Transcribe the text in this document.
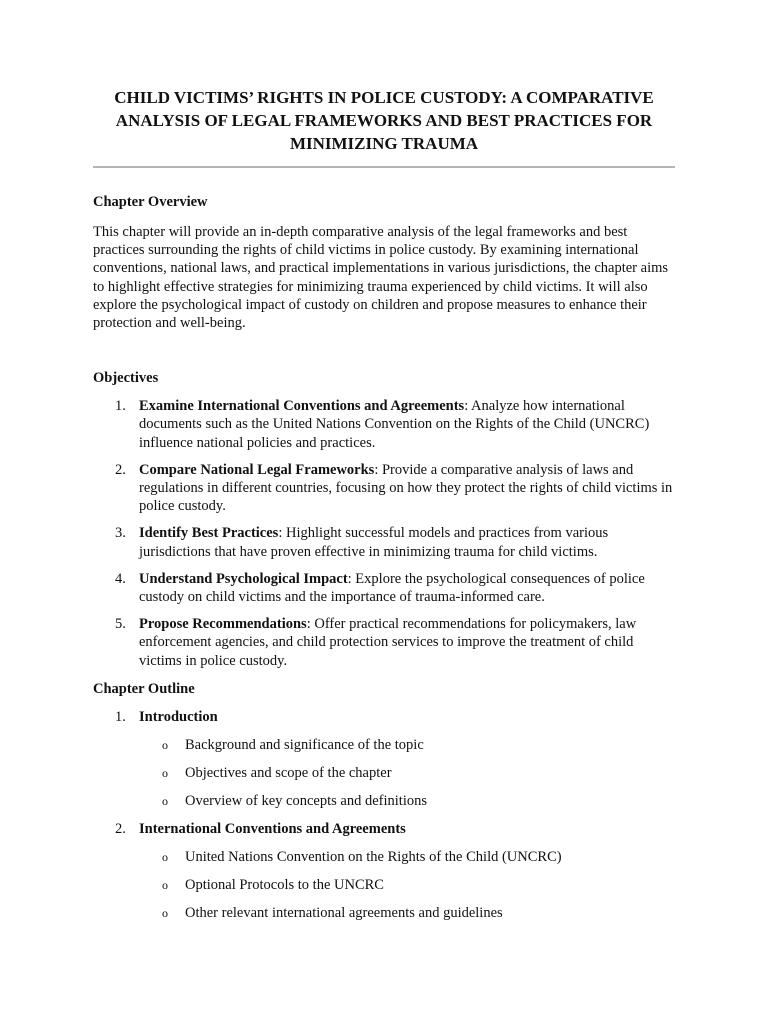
CHILD VICTIMS’ RIGHTS IN POLICE CUSTODY: A COMPARATIVE ANALYSIS OF LEGAL FRAMEWORKS AND BEST PRACTICES FOR MINIMIZING TRAUMA
Chapter Overview

This chapter will provide an in-depth comparative analysis of the legal frameworks and best practices surrounding the rights of child victims in police custody. By examining international conventions, national laws, and practical implementations in various jurisdictions, the chapter aims to highlight effective strategies for minimizing trauma experienced by child victims. It will also explore the psychological impact of custody on children and propose measures to enhance their protection and well-being.

Objectives
1. Examine International Conventions and Agreements: Analyze how international documents such as the United Nations Convention on the Rights of the Child (UNCRC) influence national policies and practices.
2. Compare National Legal Frameworks: Provide a comparative analysis of laws and regulations in different countries, focusing on how they protect the rights of child victims in police custody.
3. Identify Best Practices: Highlight successful models and practices from various jurisdictions that have proven effective in minimizing trauma for child victims.
4. Understand Psychological Impact: Explore the psychological consequences of police custody on child victims and the importance of trauma-informed care.
5. Propose Recommendations: Offer practical recommendations for policymakers, law enforcement agencies, and child protection services to improve the treatment of child victims in police custody.
Chapter Outline
1. Introduction
o Background and significance of the topic
o Objectives and scope of the chapter
o Overview of key concepts and definitions
2. International Conventions and Agreements
o United Nations Convention on the Rights of the Child (UNCRC)
o Optional Protocols to the UNCRC
o Other relevant international agreements and guidelines
